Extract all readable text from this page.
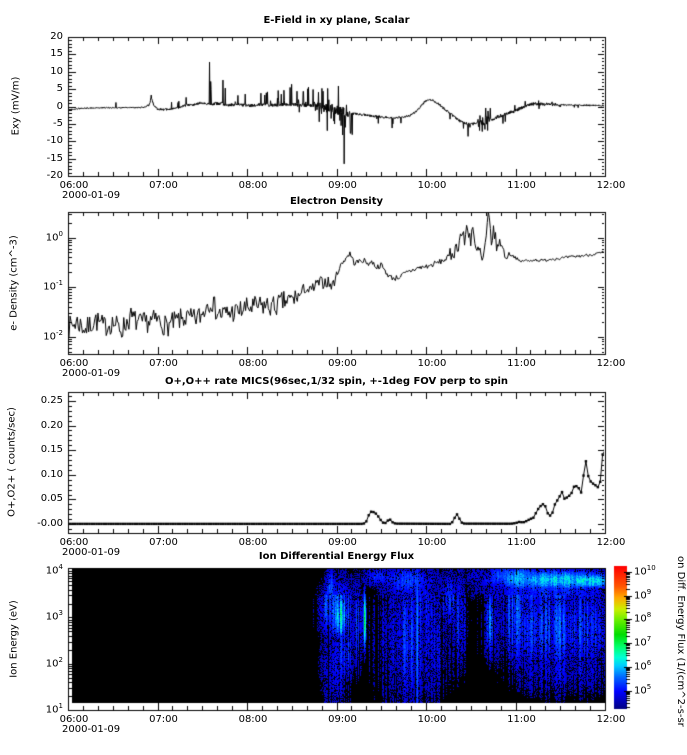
E-Field in xy plane, Scalar
Exy (mV/m)
2000-01-09
Electron Density
e- Density (cm^-3)
2000-01-09
O+,O++ rate MICS(96sec,1/32 spin, +-1deg FOV perp to spin
O+,O2+ ( counts/sec)
2000-01-09	Ion Differential Energy Flux
Ion Energy (eV)
2000-01-09
on Diff. Energy Flux (1/(cm^2-s-sr
20
15
10
5
0
-5
-10
-15
-20
06:00	07:00	08:00	09:00	10:00	11:00	12:00
$10^0$
$10^{-1}$
$10^{-2}$
06:00	07:00	08:00	09:00	10:00	11:00	12:00
0.25
0.20
0.15
0.10
0.05
-0.00
06:00	07:00	08:00	09:00	10:00	11:00	12:00
$10^4$
$10^3$
$10^2$
$10^1$
06:00	07:00	08:00	09:00	10:00	11:00	12:00
$10^{10}$
$10^9$
$10^8$
$10^7$
$10^6$
$10^5$
